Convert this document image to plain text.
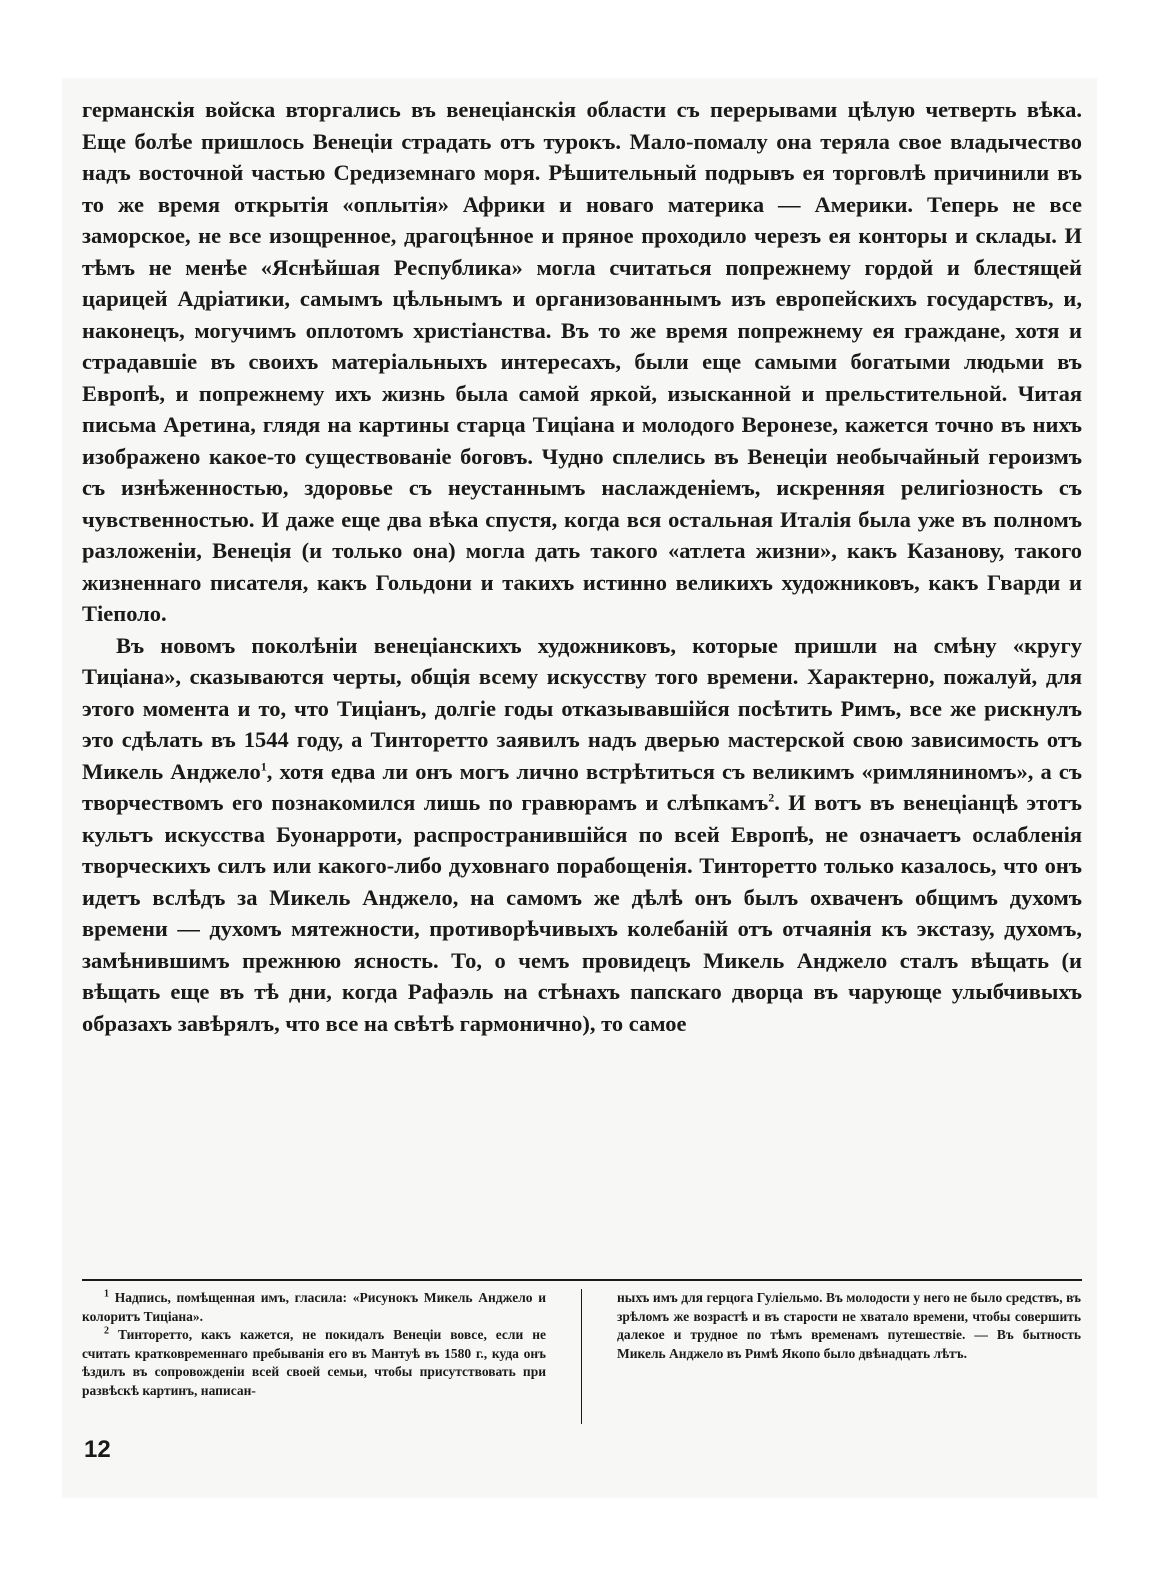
германскія войска вторгались въ венеціанскія области съ перерывами цѣлую четверть вѣка. Еще болѣе пришлось Венеціи страдать отъ турокъ. Мало-помалу она теряла свое владычество надъ восточной частью Средиземнаго моря. Рѣшительный подрывъ ея торговлѣ причинили въ то же время открытія «оплытія» Африки и новаго материка — Америки. Теперь не все заморское, не все изощренное, драгоцѣнное и пряное проходило черезъ ея конторы и склады. И тѣмъ не менѣе «Яснѣйшая Республика» могла считаться попрежнему гордой и блестящей царицей Адріатики, самымъ цѣльнымъ и организованнымъ изъ европейскихъ государствъ, и, наконецъ, могучимъ оплотомъ христіанства. Въ то же время попрежнему ея граждане, хотя и страдавшіе въ своихъ матеріальныхъ интересахъ, были еще самыми богатыми людьми въ Европѣ, и попрежнему ихъ жизнь была самой яркой, изысканной и прельстительной. Читая письма Аретина, глядя на картины старца Тиціана и молодого Веронезе, кажется точно въ нихъ изображено какое-то существованіе боговъ. Чудно сплелись въ Венеціи необычайный героизмъ съ изнѣженностью, здоровье съ неустаннымъ наслажденіемъ, искренняя религіозность съ чувственностью. И даже еще два вѣка спустя, когда вся остальная Италія была уже въ полномъ разложеніи, Венеція (и только она) могла дать такого «атлета жизни», какъ Казанову, такого жизненнаго писателя, какъ Гольдони и такихъ истинно великихъ художниковъ, какъ Гварди и Тіеполо.

Въ новомъ поколѣніи венеціанскихъ художниковъ, которые пришли на смѣну «кругу Тиціана», сказываются черты, общія всему искусству того времени. Характерно, пожалуй, для этого момента и то, что Тиціанъ, долгіе годы отказывавшійся посѣтить Римъ, все же рискнулъ это сдѣлать въ 1544 году, а Тинторетто заявилъ надъ дверью мастерской свою зависимость отъ Микель Анджело$^1$, хотя едва ли онъ могъ лично встрѣтиться съ великимъ «римляниномъ», а съ творчествомъ его познакомился лишь по гравюрамъ и слѣпкамъ$^2$. И вотъ въ венеціанцѣ этотъ культъ искусства Буонарроти, распространившійся по всей Европѣ, не означаетъ ослабленія творческихъ силъ или какого-либо духовнаго порабощенія. Тинторетто только казалось, что онъ идетъ вслѣдъ за Микель Анджело, на самомъ же дѣлѣ онъ былъ охваченъ общимъ духомъ времени — духомъ мятежности, противорѣчивыхъ колебаній отъ отчаянія къ экстазу, духомъ, замѣнившимъ прежнюю ясность. То, о чемъ провидецъ Микель Анджело сталъ вѣщать (и вѣщать еще въ тѣ дни, когда Рафаэль на стѣнахъ папскаго дворца въ чарующе улыбчивыхъ образахъ завѣрялъ, что все на свѣтѣ гармонично), то самое

$^1$ Надпись, помѣщенная имъ, гласила: «Рисунокъ Микель Анджело и колоритъ Тиціана».

$^2$ Тинторетто, какъ кажется, не покидалъ Венеціи вовсе, если не считать кратковременнаго пребыванія его въ Мантуѣ въ 1580 г., куда онъ ѣздилъ въ сопровожденіи всей своей семьи, чтобы присутствовать при развѣскѣ картинъ, написан-

ныхъ имъ для герцога Гуліельмо. Въ молодости у него не было средствъ, въ зрѣломъ же возрастѣ и въ старости не хватало времени, чтобы совершить далекое и трудное по тѣмъ временамъ путешествіе. — Въ бытность Микель Анджело въ Римѣ Якопо было двѣнадцать лѣтъ.

12
